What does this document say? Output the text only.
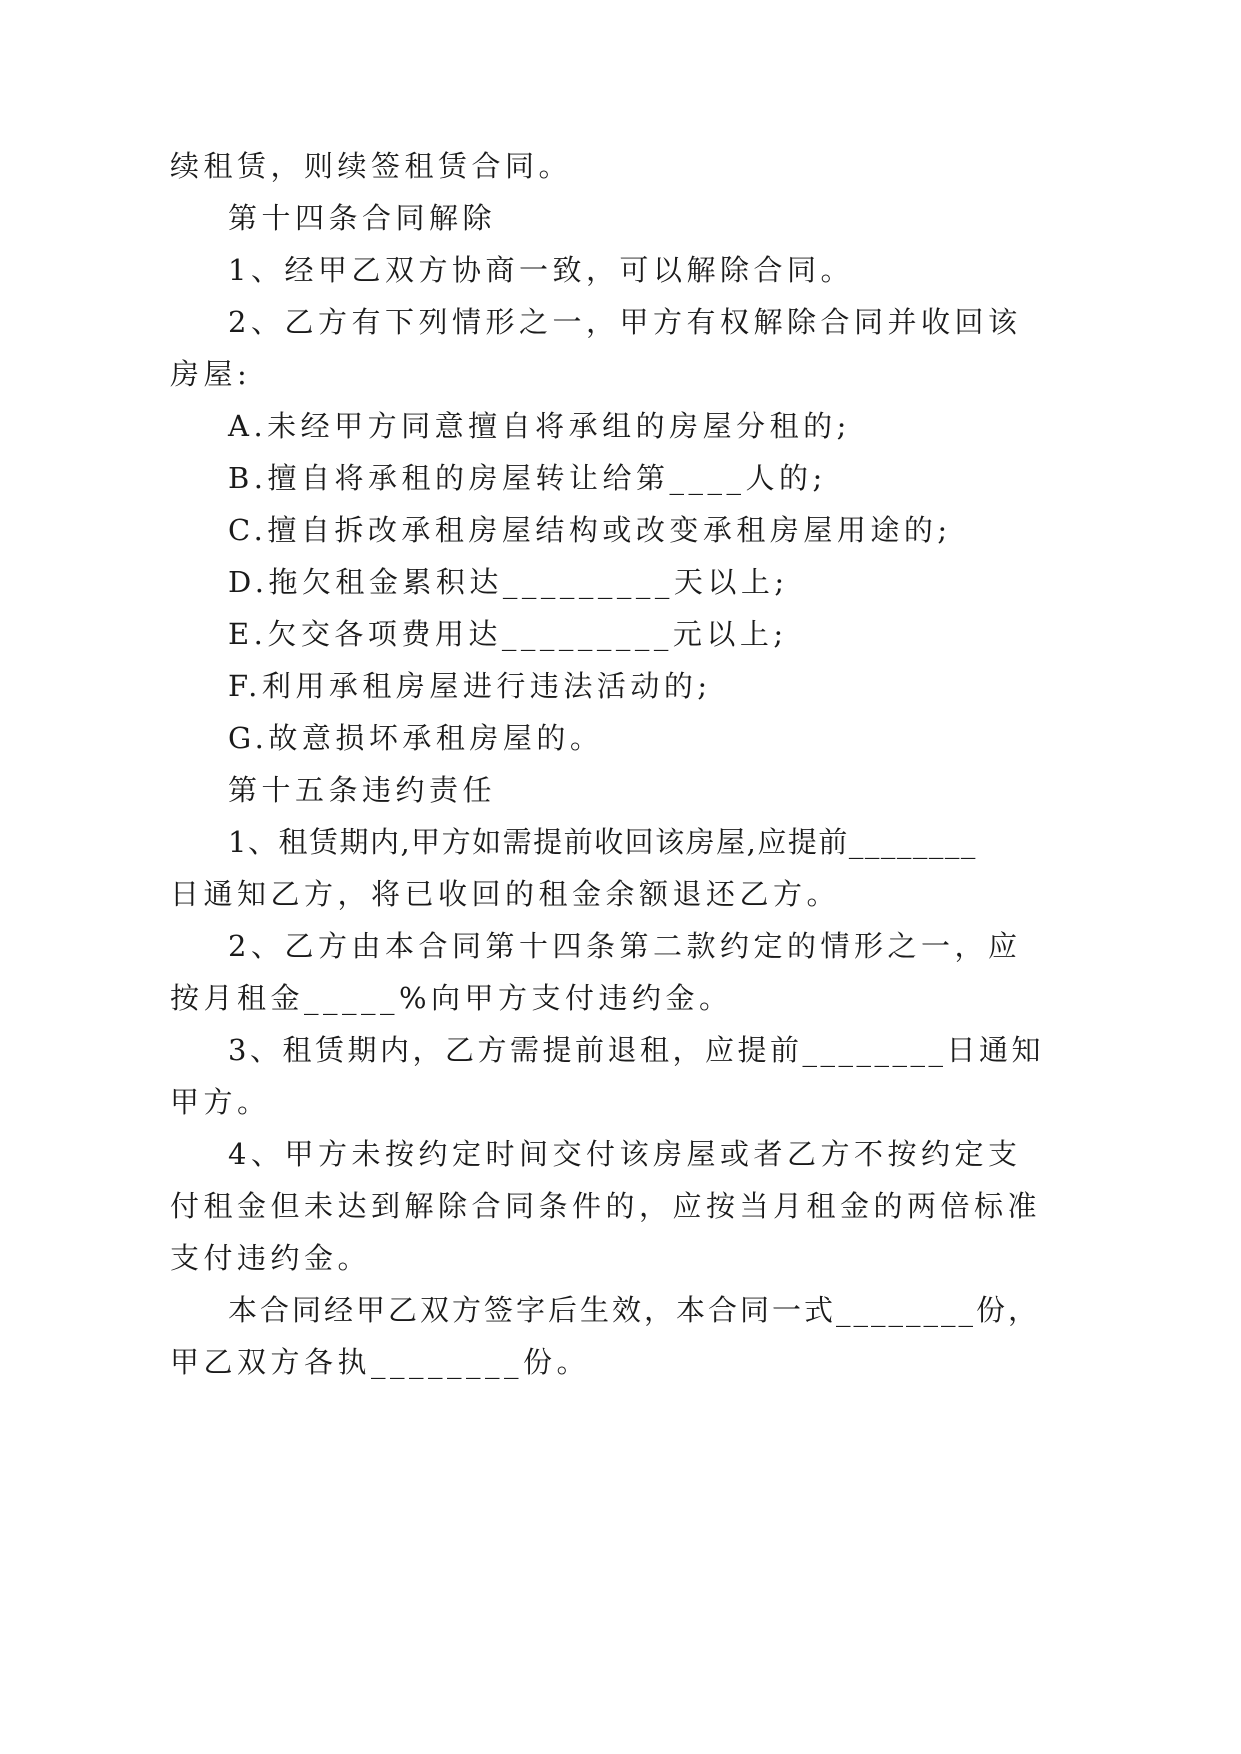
续租赁，则续签租赁合同。

第十四条合同解除

1、经甲乙双方协商一致，可以解除合同。

2、乙方有下列情形之一，甲方有权解除合同并收回该

房屋:

A.未经甲方同意擅自将承组的房屋分租的;

B.擅自将承租的房屋转让给第____人的;

C.擅自拆改承租房屋结构或改变承租房屋用途的;

D.拖欠租金累积达_________天以上;

E.欠交各项费用达_________元以上;

F.利用承租房屋进行违法活动的;

G.故意损坏承租房屋的。

第十五条违约责任

1、租赁期内,甲方如需提前收回该房屋,应提前________

日通知乙方，将已收回的租金余额退还乙方。

2、乙方由本合同第十四条第二款约定的情形之一，应

按月租金_____%向甲方支付违约金。

3、租赁期内，乙方需提前退租，应提前________日通知

甲方。

4、甲方未按约定时间交付该房屋或者乙方不按约定支

付租金但未达到解除合同条件的，应按当月租金的两倍标准

支付违约金。

本合同经甲乙双方签字后生效，本合同一式________份，

甲乙双方各执________份。
